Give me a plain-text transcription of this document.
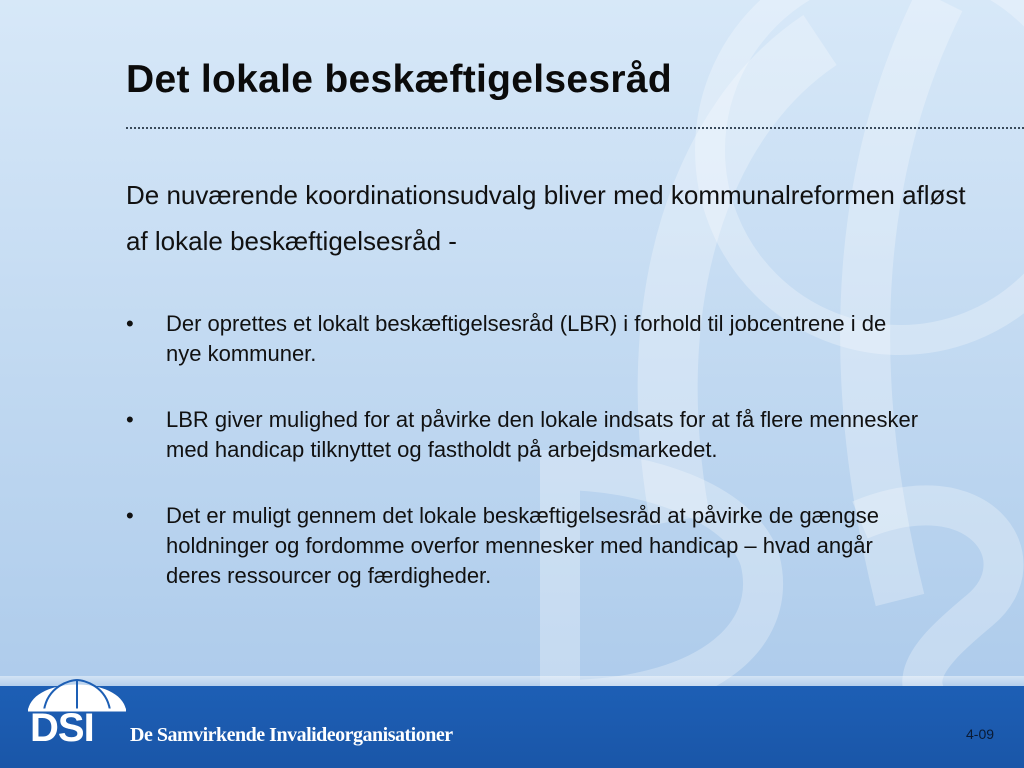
Det lokale beskæftigelsesråd

De nuværende koordinationsudvalg bliver med kommunalreformen afløst af lokale beskæftigelsesråd -

• Der oprettes et lokalt beskæftigelsesråd (LBR) i forhold til jobcentrene i de nye kommuner.
• LBR giver mulighed for at påvirke den lokale indsats for at få flere mennesker med handicap tilknyttet og fastholdt på arbejdsmarkedet.
• Det er muligt gennem det lokale beskæftigelsesråd at påvirke de gængse holdninger og fordomme overfor mennesker med handicap – hvad angår deres ressourcer og færdigheder.

DSI De Samvirkende Invalideorganisationer	4-09
